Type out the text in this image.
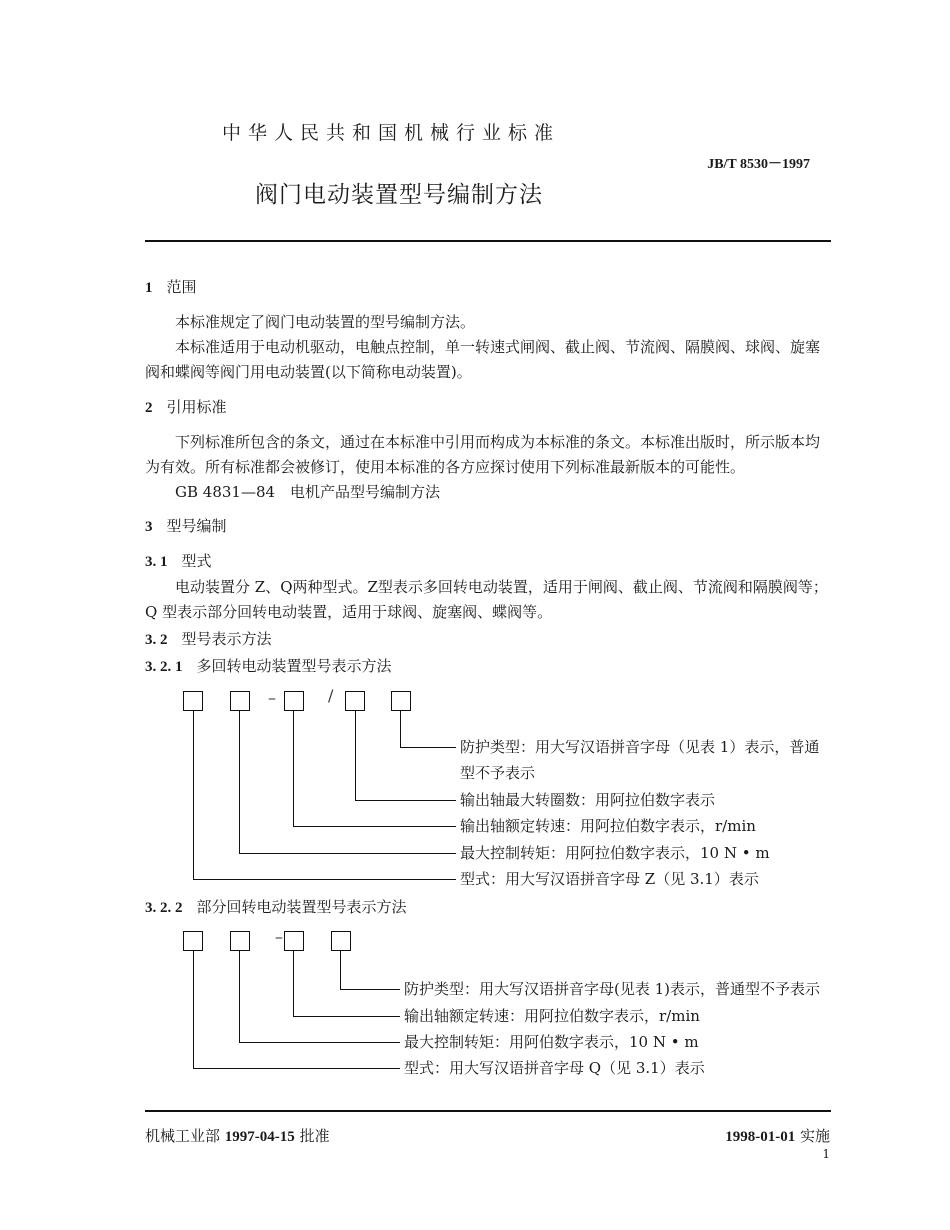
中华人民共和国机械行业标准
JB/T 8530－1997
阀门电动装置型号编制方法
1 范围

本标准规定了阀门电动装置的型号编制方法。

本标准适用于电动机驱动，电触点控制，单一转速式闸阀、截止阀、节流阀、隔膜阀、球阀、旋塞阀和蝶阀等阀门用电动装置(以下简称电动装置)。

2 引用标准

下列标准所包含的条文，通过在本标准中引用而构成为本标准的条文。本标准出版时，所示版本均为有效。所有标准都会被修订，使用本标准的各方应探讨使用下列标准最新版本的可能性。

GB 4831—84　电机产品型号编制方法

3 型号编制
3. 1 型式

电动装置分 Z、Q两种型式。Z型表示多回转电动装置，适用于闸阀、截止阀、节流阀和隔膜阀等；Q 型表示部分回转电动装置，适用于球阀、旋塞阀、蝶阀等。

3. 2 型号表示方法
3. 2. 1 多回转电动装置型号表示方法
–	/
防护类型：用大写汉语拼音字母（见表 1）表示，普通
型不予表示
输出轴最大转圈数：用阿拉伯数字表示
输出轴额定转速：用阿拉伯数字表示，r/min
最大控制转矩：用阿拉伯数字表示，10 N • m
型式：用大写汉语拼音字母 Z（见 3.1）表示
3. 2. 2 部分回转电动装置型号表示方法
–
防护类型：用大写汉语拼音字母(见表 1)表示，普通型不予表示
输出轴额定转速：用阿拉伯数字表示，r/min
最大控制转矩：用阿伯数字表示，10 N • m
型式：用大写汉语拼音字母 Q（见 3.1）表示
机械工业部 1997-04-15 批准	1998-01-01 实施
1
